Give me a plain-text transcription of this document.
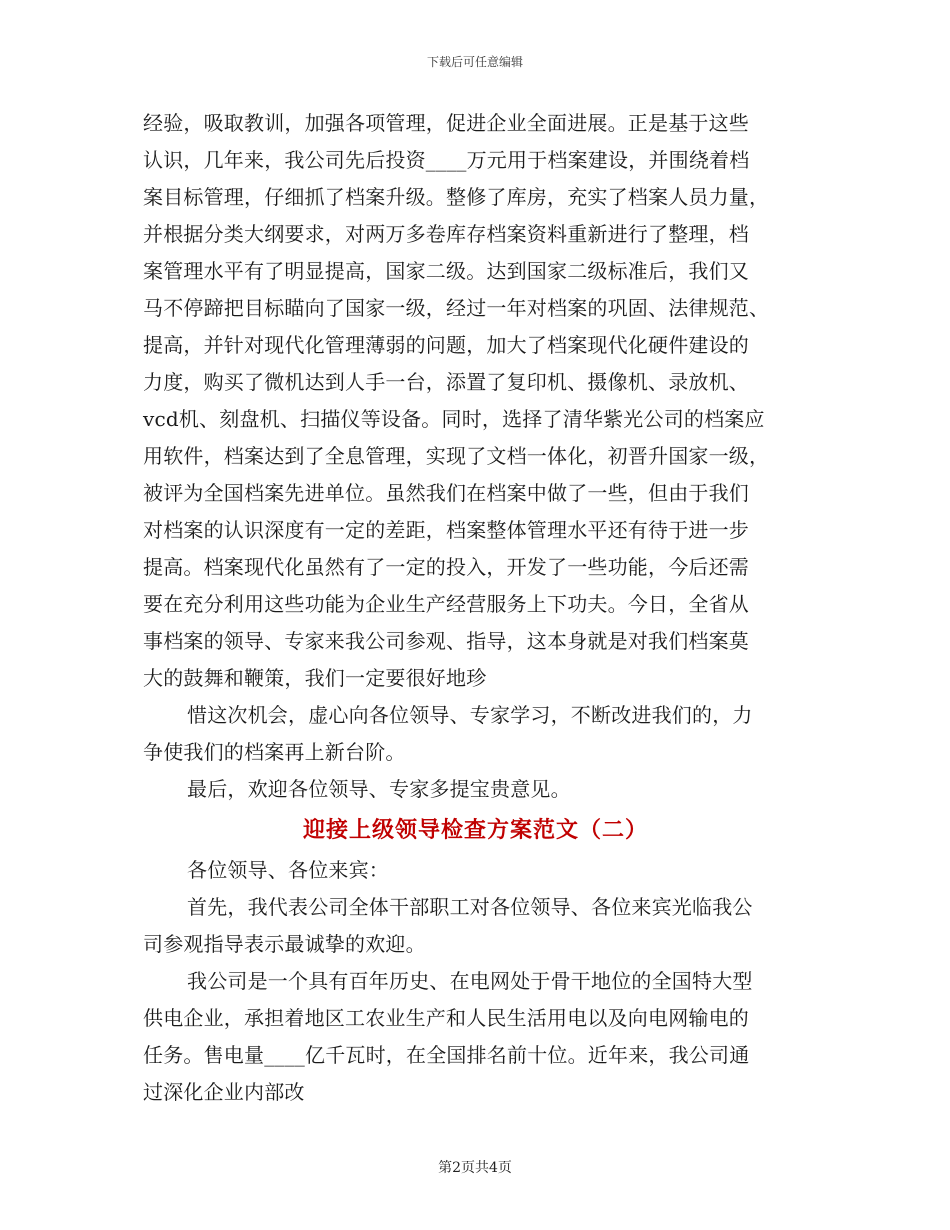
下载后可任意编辑
经验，吸取教训，加强各项管理，促进企业全面进展。正是基于这些
认识，几年来，我公司先后投资____万元用于档案建设，并围绕着档
案目标管理，仔细抓了档案升级。整修了库房，充实了档案人员力量，
并根据分类大纲要求，对两万多卷库存档案资料重新进行了整理，档
案管理水平有了明显提高，国家二级。达到国家二级标准后，我们又
马不停蹄把目标瞄向了国家一级，经过一年对档案的巩固、法律规范、
提高，并针对现代化管理薄弱的问题，加大了档案现代化硬件建设的
力度，购买了微机达到人手一台，添置了复印机、摄像机、录放机、
vcd机、刻盘机、扫描仪等设备。同时，选择了清华紫光公司的档案应
用软件，档案达到了全息管理，实现了文档一体化，初晋升国家一级，
被评为全国档案先进单位。虽然我们在档案中做了一些，但由于我们
对档案的认识深度有一定的差距，档案整体管理水平还有待于进一步
提高。档案现代化虽然有了一定的投入，开发了一些功能，今后还需
要在充分利用这些功能为企业生产经营服务上下功夫。今日，全省从
事档案的领导、专家来我公司参观、指导，这本身就是对我们档案莫
大的鼓舞和鞭策，我们一定要很好地珍
惜这次机会，虚心向各位领导、专家学习，不断改进我们的，力
争使我们的档案再上新台阶。
最后，欢迎各位领导、专家多提宝贵意见。
迎接上级领导检查方案范文（二）
各位领导、各位来宾：
首先，我代表公司全体干部职工对各位领导、各位来宾光临我公
司参观指导表示最诚挚的欢迎。
我公司是一个具有百年历史、在电网处于骨干地位的全国特大型
供电企业，承担着地区工农业生产和人民生活用电以及向电网输电的
任务。售电量____亿千瓦时，在全国排名前十位。近年来，我公司通
过深化企业内部改
第2页共4页
